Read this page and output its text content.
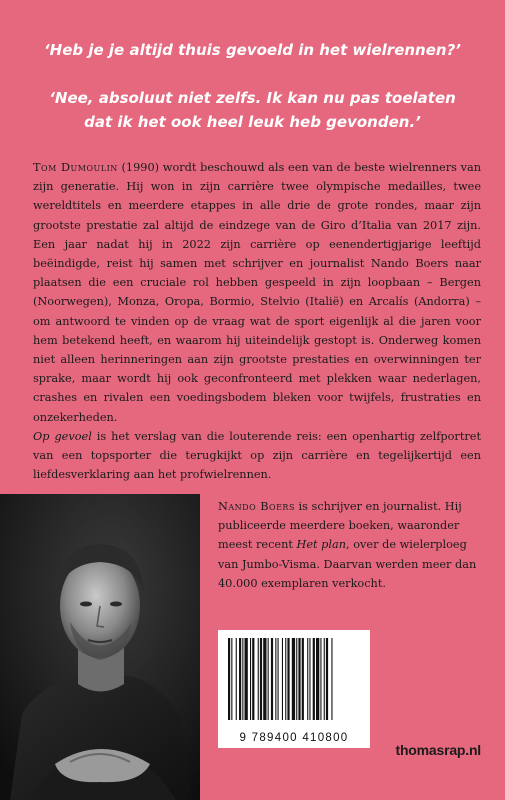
‘Heb je je altijd thuis gevoeld in het wielrennen?’
‘Nee, absoluut niet zelfs. Ik kan nu pas toelaten
dat ik het ook heel leuk heb gevonden.’

Tom Dumoulin (1990) wordt beschouwd als een van de beste wielrenners van zijn generatie. Hij won in zijn carrière twee olympische medailles, twee wereldtitels en meerdere etappes in alle drie de grote rondes, maar zijn grootste prestatie zal altijd de eindzege van de Giro d’Italia van 2017 zijn. Een jaar nadat hij in 2022 zijn carrière op eenendertigjarige leeftijd beëindigde, reist hij samen met schrijver en journalist Nando Boers naar plaatsen die een cruciale rol hebben gespeeld in zijn loopbaan – Bergen (Noorwegen), Monza, Oropa, Bormio, Stelvio (Italië) en Arcalís (Andorra) – om antwoord te vinden op de vraag wat de sport eigenlijk al die jaren voor hem betekend heeft, en waarom hij uiteindelijk gestopt is. Onderweg komen niet alleen herinneringen aan zijn grootste prestaties en overwinningen ter sprake, maar wordt hij ook geconfronteerd met plekken waar nederlagen, crashes en rivalen een voedingsbodem bleken voor twijfels, frustraties en onzekerheden.

Op gevoel is het verslag van die louterende reis: een openhartig zelfportret van een topsporter die terugkijkt op zijn carrière en tegelijkertijd een liefdesverklaring aan het profwielrennen.

Nando Boers is schrijver en journalist. Hij publiceerde meerdere boeken, waaronder meest recent Het plan, over de wielerploeg van Jumbo-Visma. Daarvan werden meer dan 40.000 exemplaren verkocht.
9 789400 410800
thomasrap.nl
